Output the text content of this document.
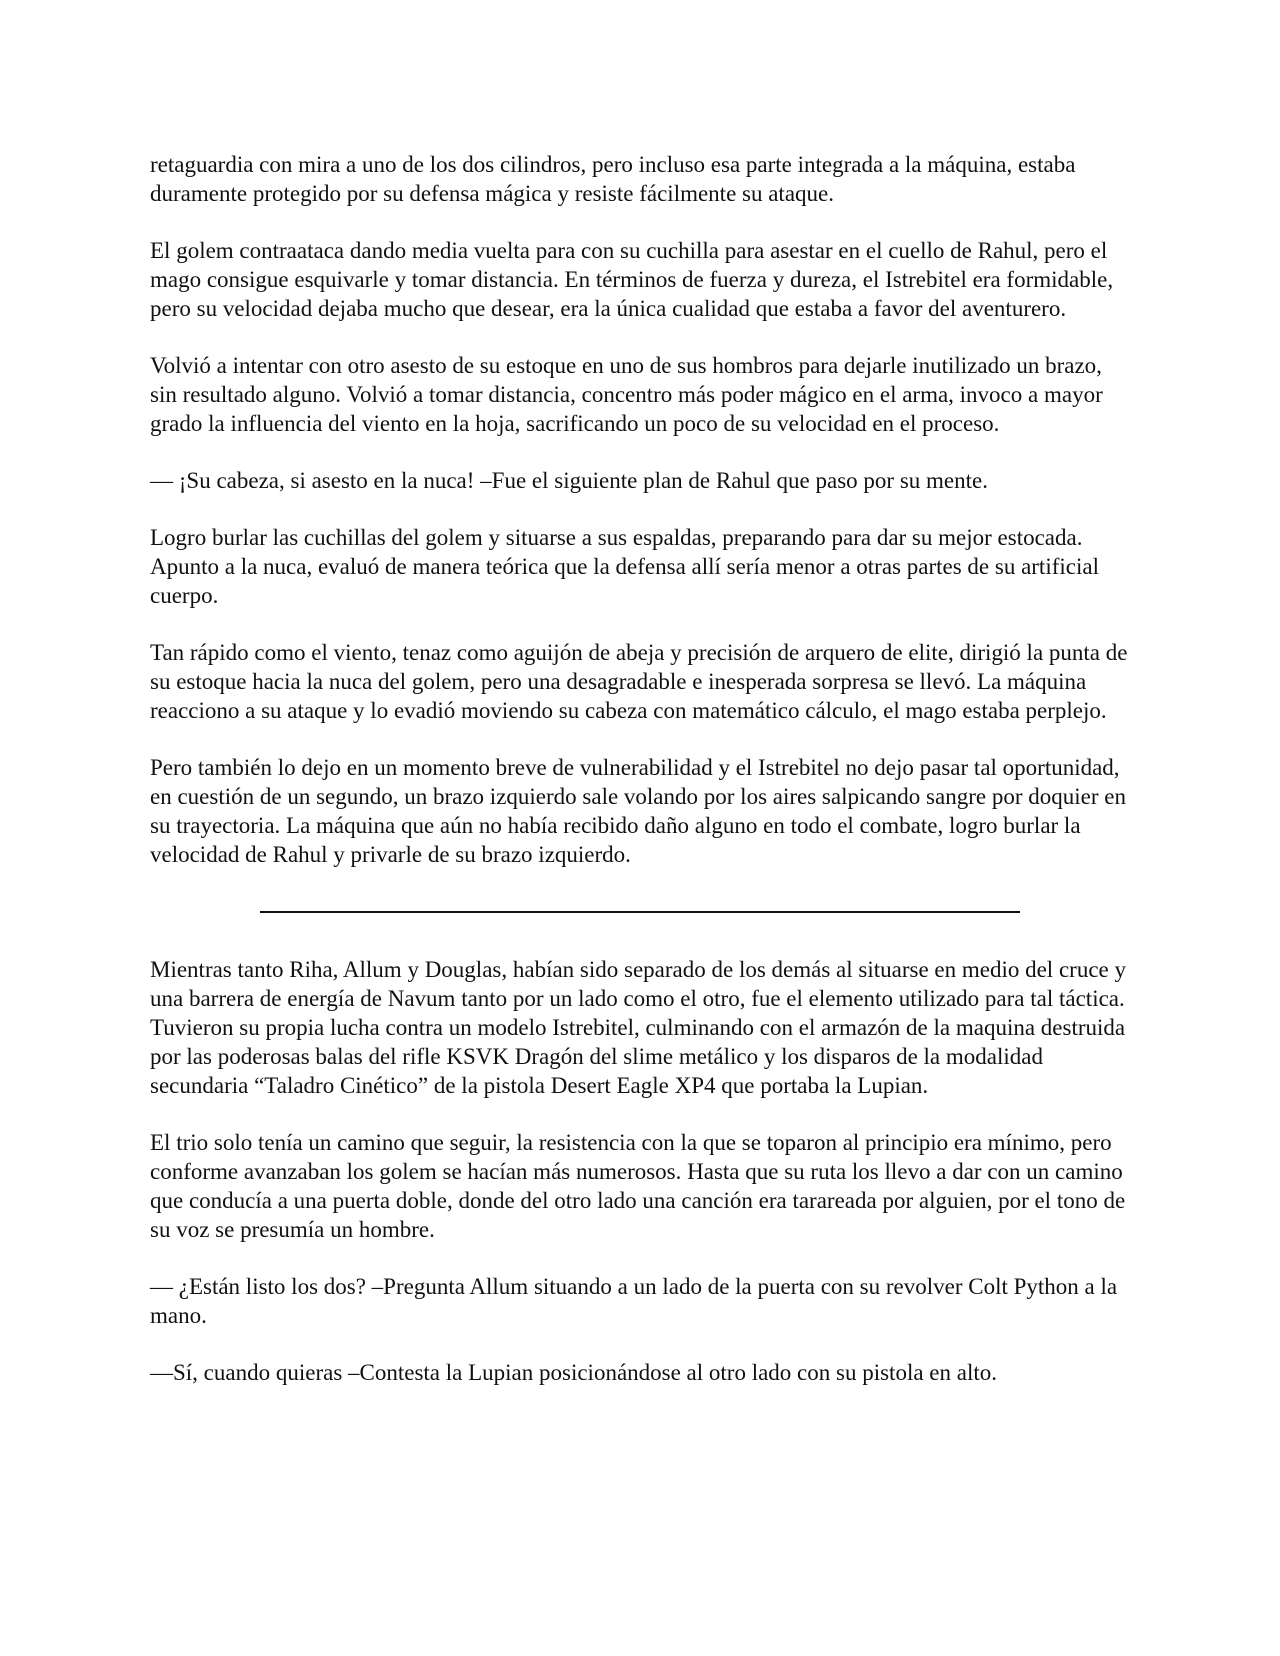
retaguardia con mira a uno de los dos cilindros, pero incluso esa parte integrada a la máquina, estaba duramente protegido por su defensa mágica y resiste fácilmente su ataque.

El golem contraataca dando media vuelta para con su cuchilla para asestar en el cuello de Rahul, pero el mago consigue esquivarle y tomar distancia. En términos de fuerza y dureza, el Istrebitel era formidable, pero su velocidad dejaba mucho que desear, era la única cualidad que estaba a favor del aventurero.

Volvió a intentar con otro asesto de su estoque en uno de sus hombros para dejarle inutilizado un brazo, sin resultado alguno. Volvió a tomar distancia, concentro más poder mágico en el arma, invoco a mayor grado la influencia del viento en la hoja, sacrificando un poco de su velocidad en el proceso.

— ¡Su cabeza, si asesto en la nuca! –Fue el siguiente plan de Rahul que paso por su mente.

Logro burlar las cuchillas del golem y situarse a sus espaldas, preparando para dar su mejor estocada. Apunto a la nuca, evaluó de manera teórica que la defensa allí sería menor a otras partes de su artificial cuerpo.

Tan rápido como el viento, tenaz como aguijón de abeja y precisión de arquero de elite, dirigió la punta de su estoque hacia la nuca del golem, pero una desagradable e inesperada sorpresa se llevó. La máquina reacciono a su ataque y lo evadió moviendo su cabeza con matemático cálculo, el mago estaba perplejo.

Pero también lo dejo en un momento breve de vulnerabilidad y el Istrebitel no dejo pasar tal oportunidad, en cuestión de un segundo, un brazo izquierdo sale volando por los aires salpicando sangre por doquier en su trayectoria. La máquina que aún no había recibido daño alguno en todo el combate, logro burlar la velocidad de Rahul y privarle de su brazo izquierdo.

Mientras tanto Riha, Allum y Douglas, habían sido separado de los demás al situarse en medio del cruce y una barrera de energía de Navum tanto por un lado como el otro, fue el elemento utilizado para tal táctica. Tuvieron su propia lucha contra un modelo Istrebitel, culminando con el armazón de la maquina destruida por las poderosas balas del rifle KSVK Dragón del slime metálico y los disparos de la modalidad secundaria “Taladro Cinético” de la pistola Desert Eagle XP4 que portaba la Lupian.

El trio solo tenía un camino que seguir, la resistencia con la que se toparon al principio era mínimo, pero conforme avanzaban los golem se hacían más numerosos. Hasta que su ruta los llevo a dar con un camino que conducía a una puerta doble, donde del otro lado una canción era tarareada por alguien, por el tono de su voz se presumía un hombre.

— ¿Están listo los dos? –Pregunta Allum situando a un lado de la puerta con su revolver Colt Python a la mano.

—Sí, cuando quieras –Contesta la Lupian posicionándose al otro lado con su pistola en alto.
